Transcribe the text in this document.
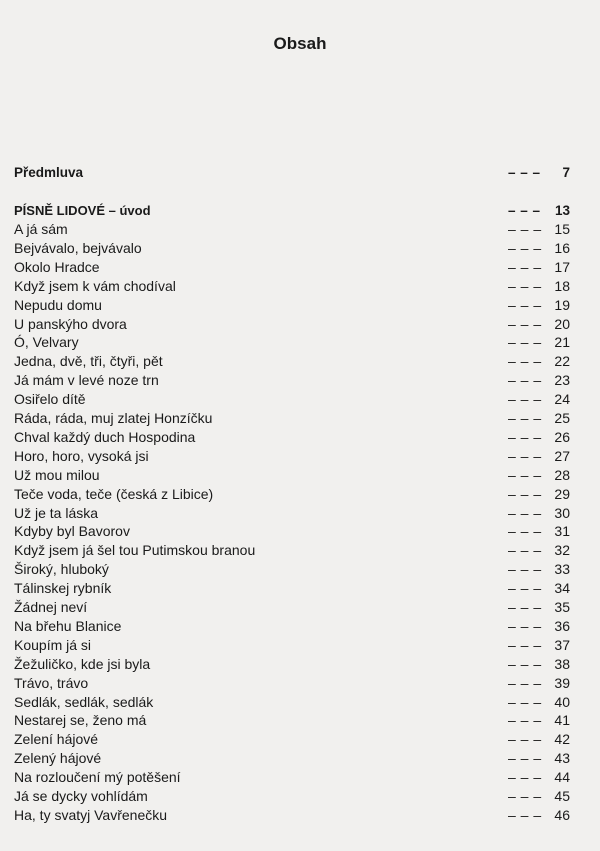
Obsah
Předmluva	– – – 7
PÍSNĚ LIDOVÉ – úvod	– – – 13
A já sám	– – – 15
Bejvávalo, bejvávalo	– – – 16
Okolo Hradce	– – – 17
Když jsem k vám chodíval	– – – 18
Nepudu domu	– – – 19
U panskýho dvora	– – – 20
Ó, Velvary	– – – 21
Jedna, dvě, tři, čtyři, pět	– – – 22
Já mám v levé noze trn	– – – 23
Osiřelo dítě	– – – 24
Ráda, ráda, muj zlatej Honzíčku	– – – 25
Chval každý duch Hospodina	– – – 26
Horo, horo, vysoká jsi	– – – 27
Už mou milou	– – – 28
Teče voda, teče (česká z Libice)	– – – 29
Už je ta láska	– – – 30
Kdyby byl Bavorov	– – – 31
Když jsem já šel tou Putimskou branou	– – – 32
Široký, hluboký	– – – 33
Tálinskej rybník	– – – 34
Žádnej neví	– – – 35
Na břehu Blanice	– – – 36
Koupím já si	– – – 37
Žežuličko, kde jsi byla	– – – 38
Trávo, trávo	– – – 39
Sedlák, sedlák, sedlák	– – – 40
Nestarej se, ženo má	– – – 41
Zelení hájové	– – – 42
Zelený hájové	– – – 43
Na rozloučení mý potěšení	– – – 44
Já se dycky vohlídám	– – – 45
Ha, ty svatyj Vavřenečku	– – – 46
